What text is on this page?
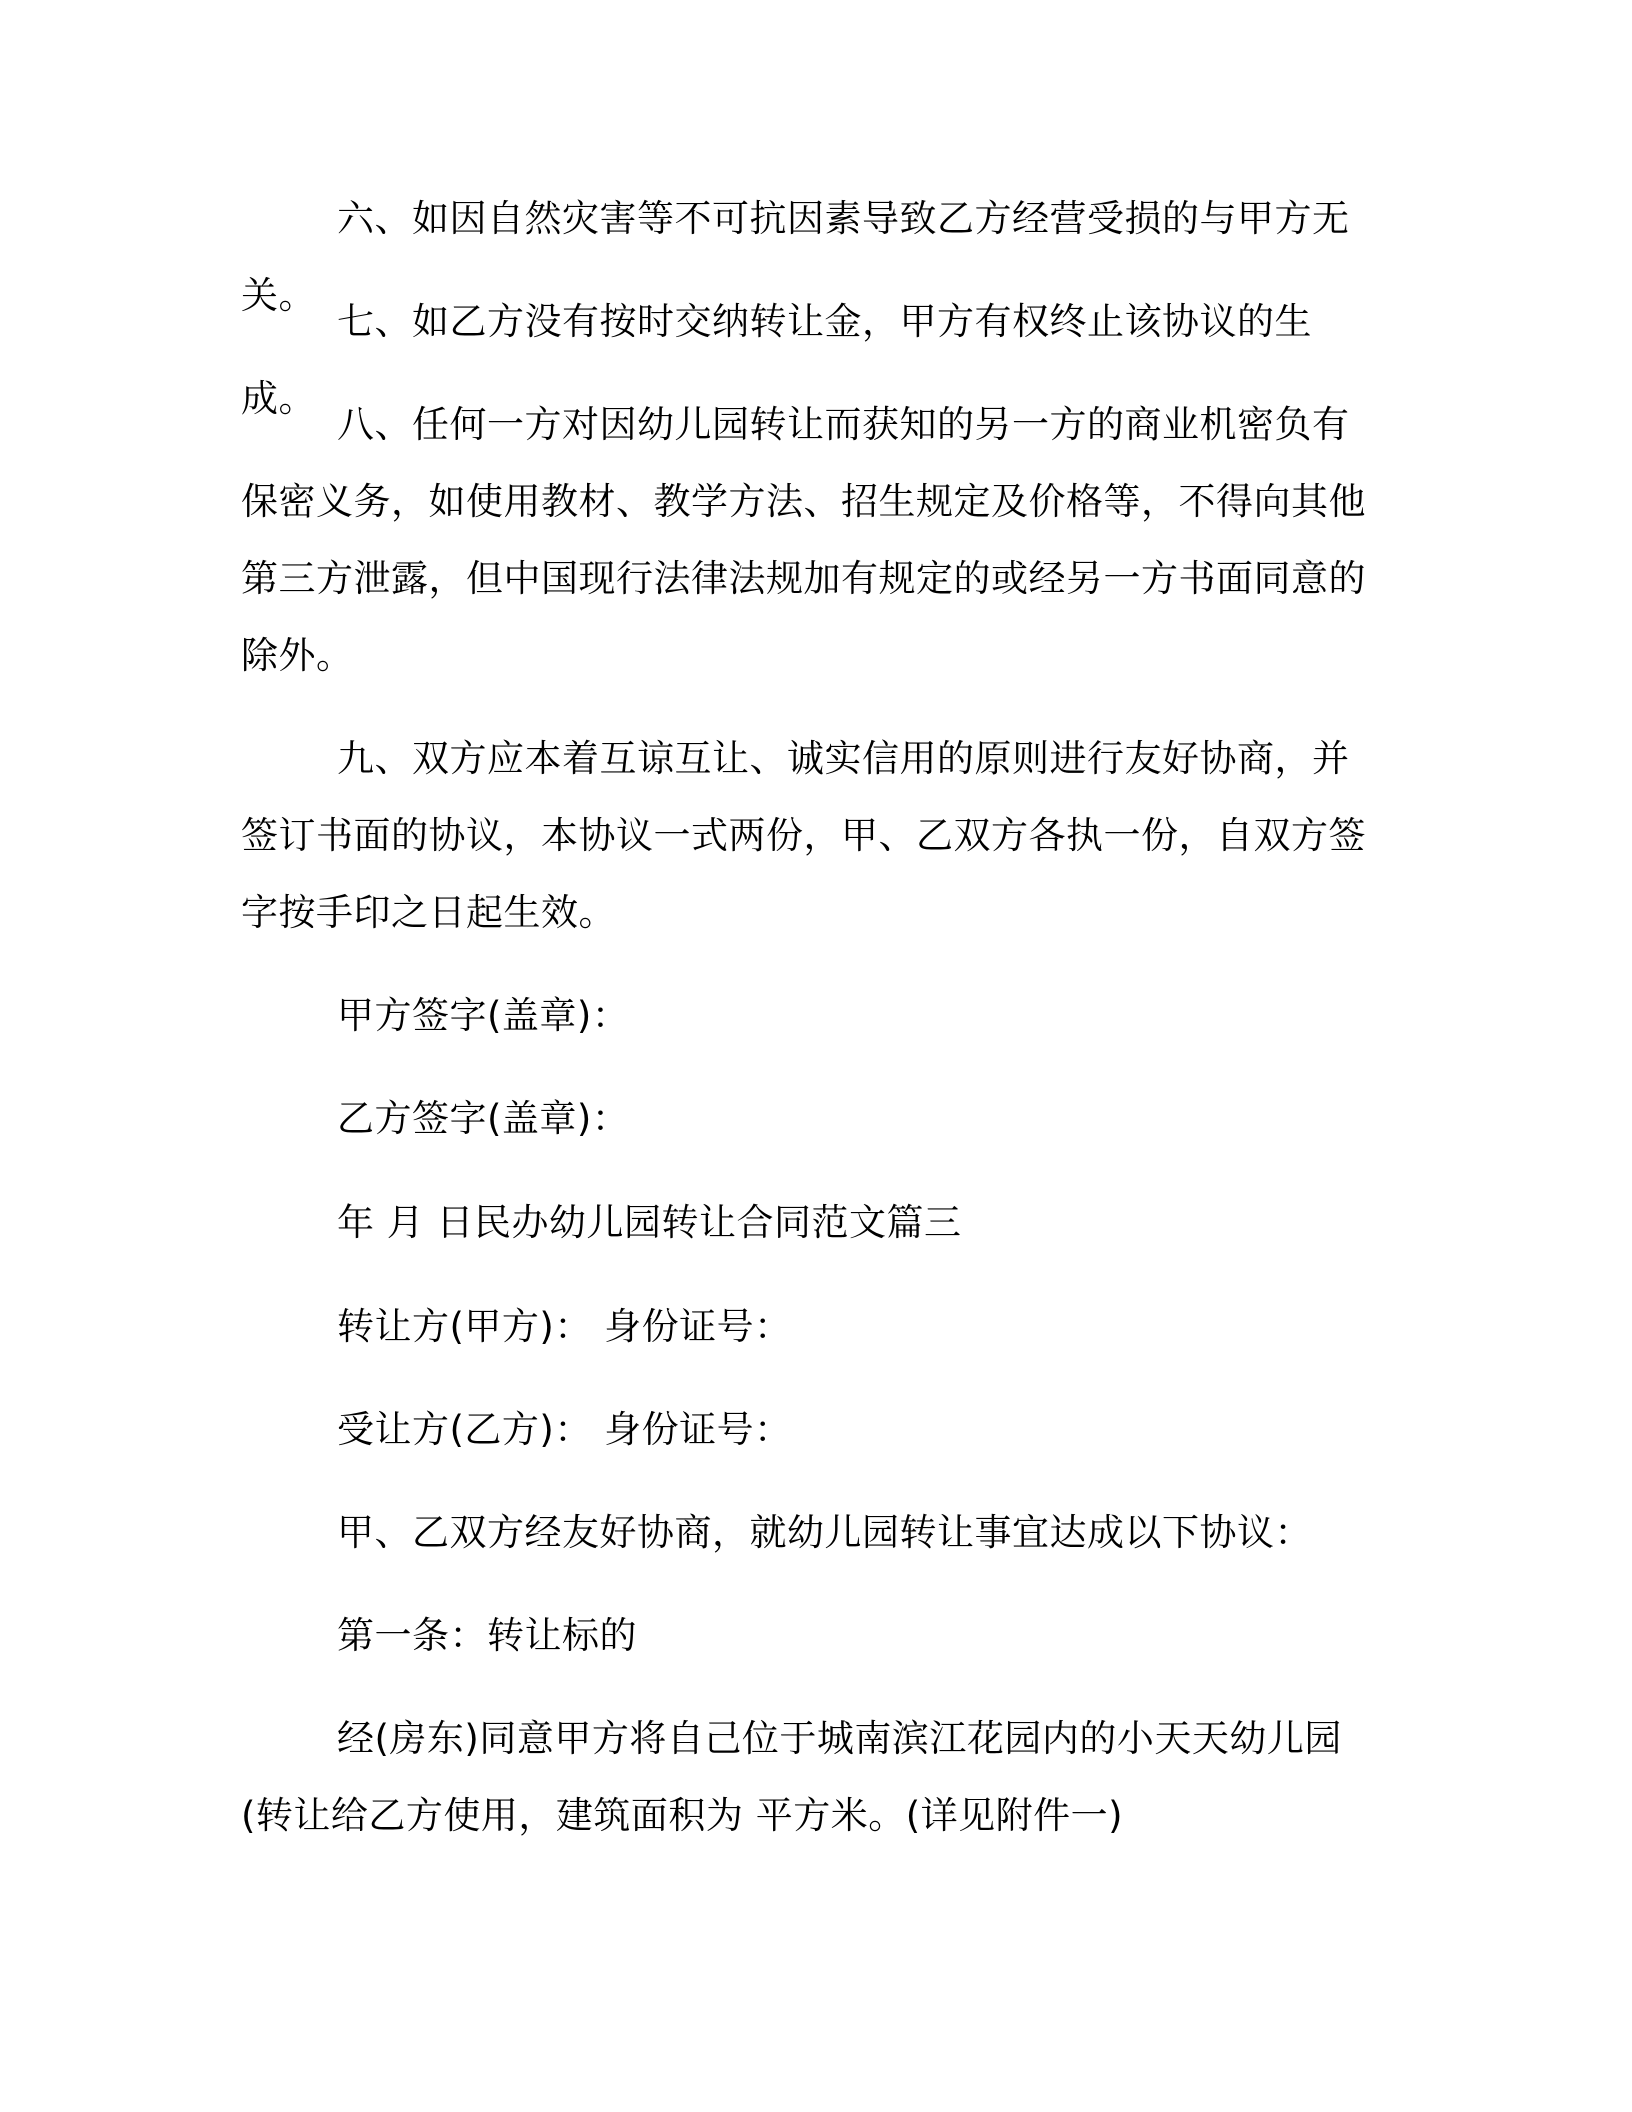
六、如因自然灾害等不可抗因素导致乙方经营受损的与甲方无关。

七、如乙方没有按时交纳转让金，甲方有权终止该协议的生成。

八、任何一方对因幼儿园转让而获知的另一方的商业机密负有保密义务，如使用教材、教学方法、招生规定及价格等，不得向其他第三方泄露，但中国现行法律法规加有规定的或经另一方书面同意的除外。

九、双方应本着互谅互让、诚实信用的原则进行友好协商，并签订书面的协议，本协议一式两份，甲、乙双方各执一份，自双方签字按手印之日起生效。

甲方签字(盖章)：

乙方签字(盖章)：

年 月 日民办幼儿园转让合同范文篇三

转让方(甲方)： 身份证号：

受让方(乙方)： 身份证号：

甲、乙双方经友好协商，就幼儿园转让事宜达成以下协议：

第一条：转让标的

经(房东)同意甲方将自己位于城南滨江花园内的小天天幼儿园(转让给乙方使用，建筑面积为 平方米。(详见附件一)
